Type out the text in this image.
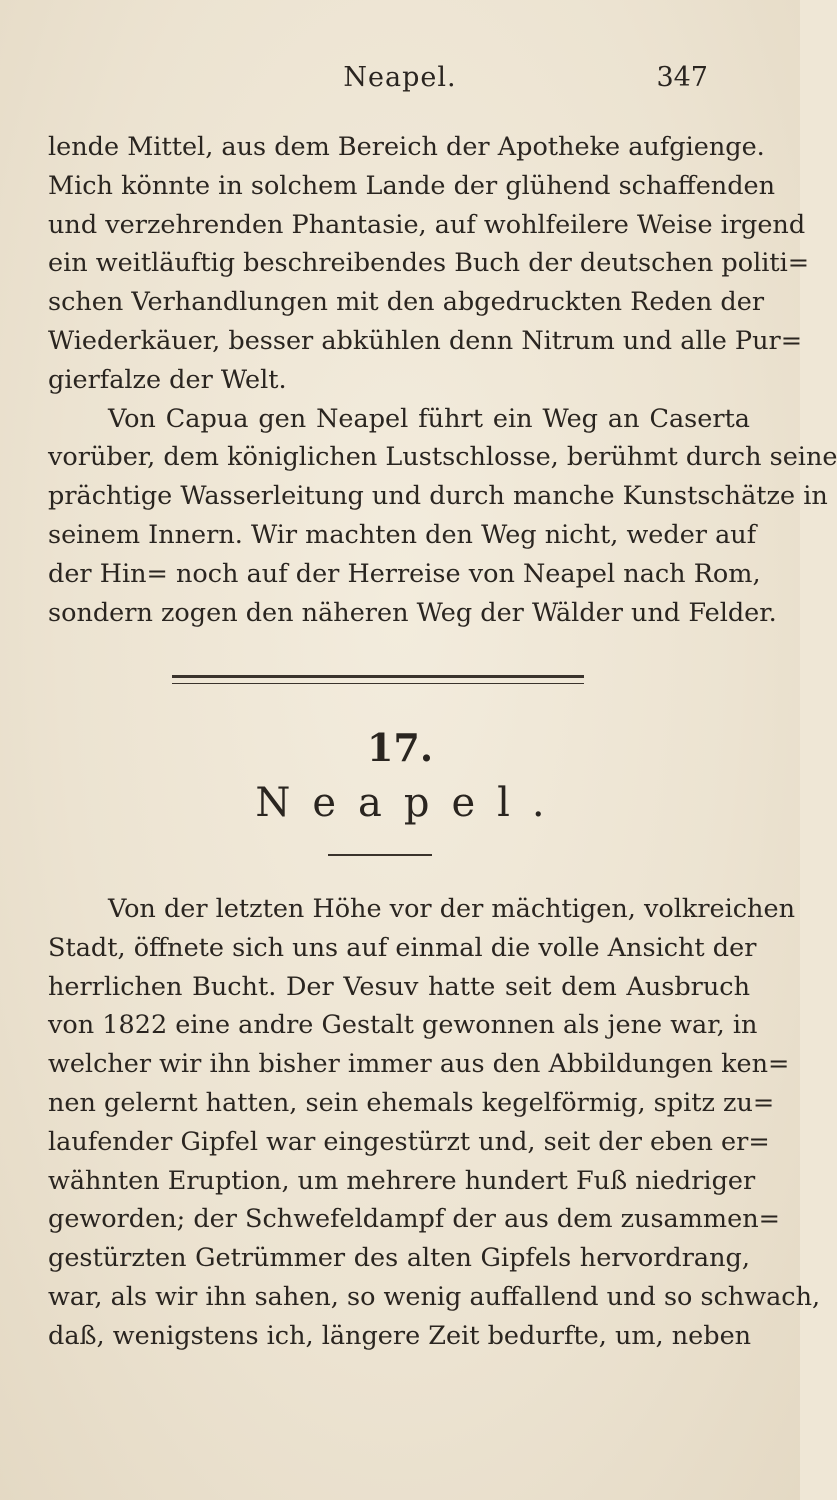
Neapel.	347
lende Mittel, aus dem Bereich der Apotheke aufgienge.
Mich könnte in solchem Lande der glühend schaffenden
und verzehrenden Phantasie, auf wohlfeilere Weise irgend
ein weitläuftig beschreibendes Buch der deutschen politi=
schen Verhandlungen mit den abgedruckten Reden der
Wiederkäuer, besser abkühlen denn Nitrum und alle Pur=
gierfalze der Welt.
Von Capua gen Neapel führt ein Weg an Caserta
vorüber, dem königlichen Lustschlosse, berühmt durch seine
prächtige Wasserleitung und durch manche Kunstschätze in
seinem Innern. Wir machten den Weg nicht, weder auf
der Hin= noch auf der Herreise von Neapel nach Rom,
sondern zogen den näheren Weg der Wälder und Felder.
17.
Neapel.
Von der letzten Höhe vor der mächtigen, volkreichen
Stadt, öffnete sich uns auf einmal die volle Ansicht der
herrlichen Bucht. Der Vesuv hatte seit dem Ausbruch
von 1822 eine andre Gestalt gewonnen als jene war, in
welcher wir ihn bisher immer aus den Abbildungen ken=
nen gelernt hatten, sein ehemals kegelförmig, spitz zu=
laufender Gipfel war eingestürzt und, seit der eben er=
wähnten Eruption, um mehrere hundert Fuß niedriger
geworden; der Schwefeldampf der aus dem zusammen=
gestürzten Getrümmer des alten Gipfels hervordrang,
war, als wir ihn sahen, so wenig auffallend und so schwach,
daß, wenigstens ich, längere Zeit bedurfte, um, neben
